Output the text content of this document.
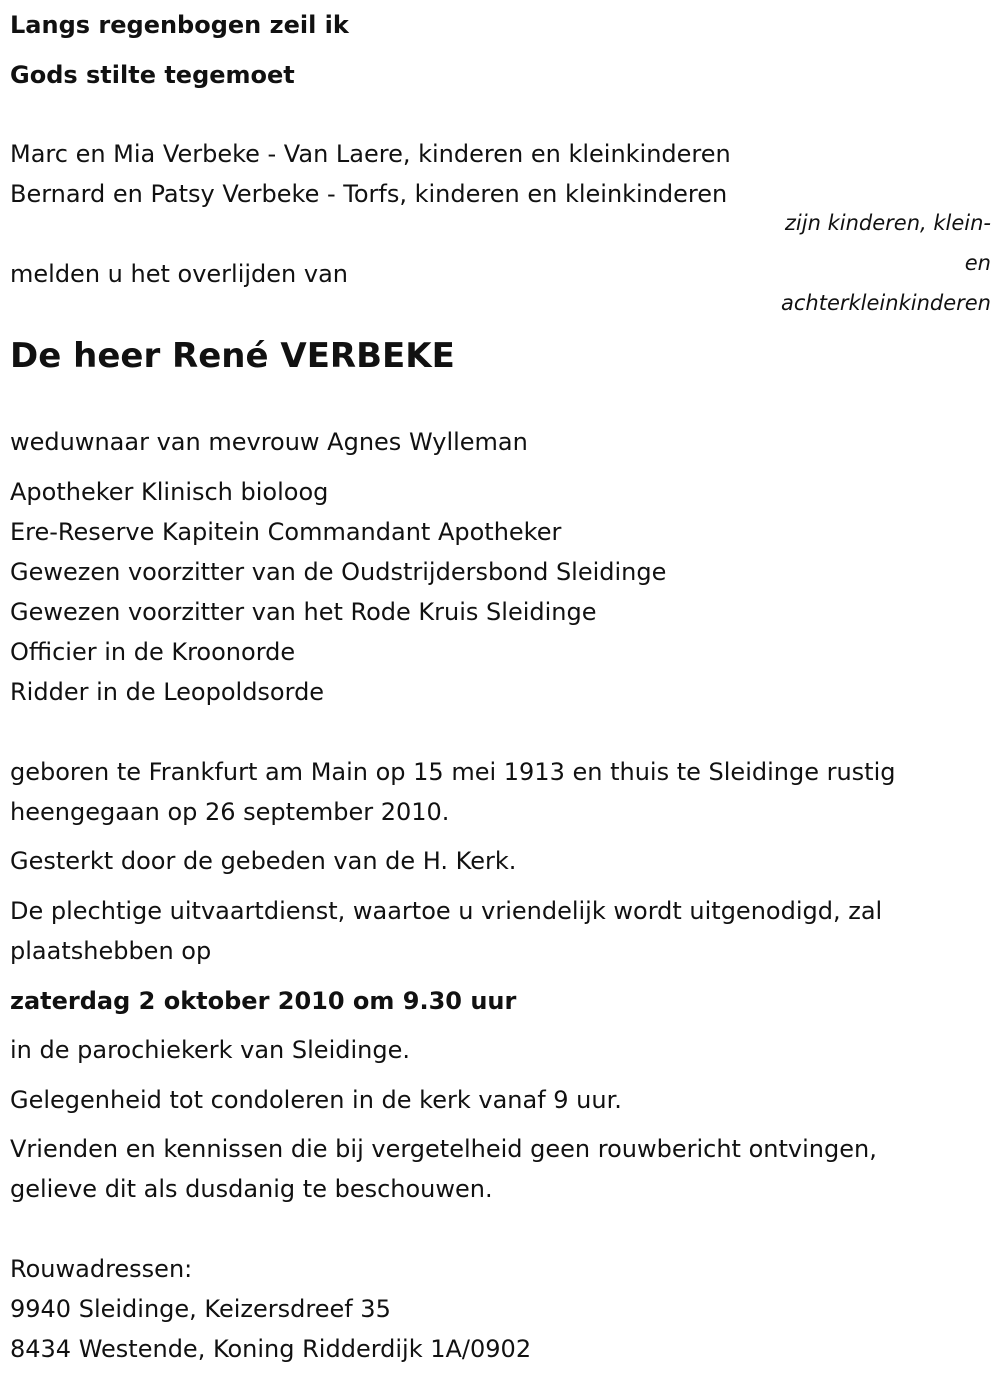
Langs regenbogen zeil ik

Gods stilte tegemoet

Marc en Mia Verbeke - Van Laere, kinderen en kleinkinderen

Bernard en Patsy Verbeke - Torfs, kinderen en kleinkinderen

zijn kinderen, klein-
en
achterkleinkinderen

melden u het overlijden van

De heer René VERBEKE

weduwnaar van mevrouw Agnes Wylleman

Apotheker Klinisch bioloog

Ere-Reserve Kapitein Commandant Apotheker

Gewezen voorzitter van de Oudstrijdersbond Sleidinge

Gewezen voorzitter van het Rode Kruis Sleidinge

Officier in de Kroonorde

Ridder in de Leopoldsorde

geboren te Frankfurt am Main op 15 mei 1913 en thuis te Sleidinge rustig

heengegaan op 26 september 2010.

Gesterkt door de gebeden van de H. Kerk.

De plechtige uitvaartdienst, waartoe u vriendelijk wordt uitgenodigd, zal

plaatshebben op

zaterdag 2 oktober 2010 om 9.30 uur

in de parochiekerk van Sleidinge.

Gelegenheid tot condoleren in de kerk vanaf 9 uur.

Vrienden en kennissen die bij vergetelheid geen rouwbericht ontvingen,

gelieve dit als dusdanig te beschouwen.

Rouwadressen:

9940 Sleidinge, Keizersdreef 35

8434 Westende, Koning Ridderdijk 1A/0902
